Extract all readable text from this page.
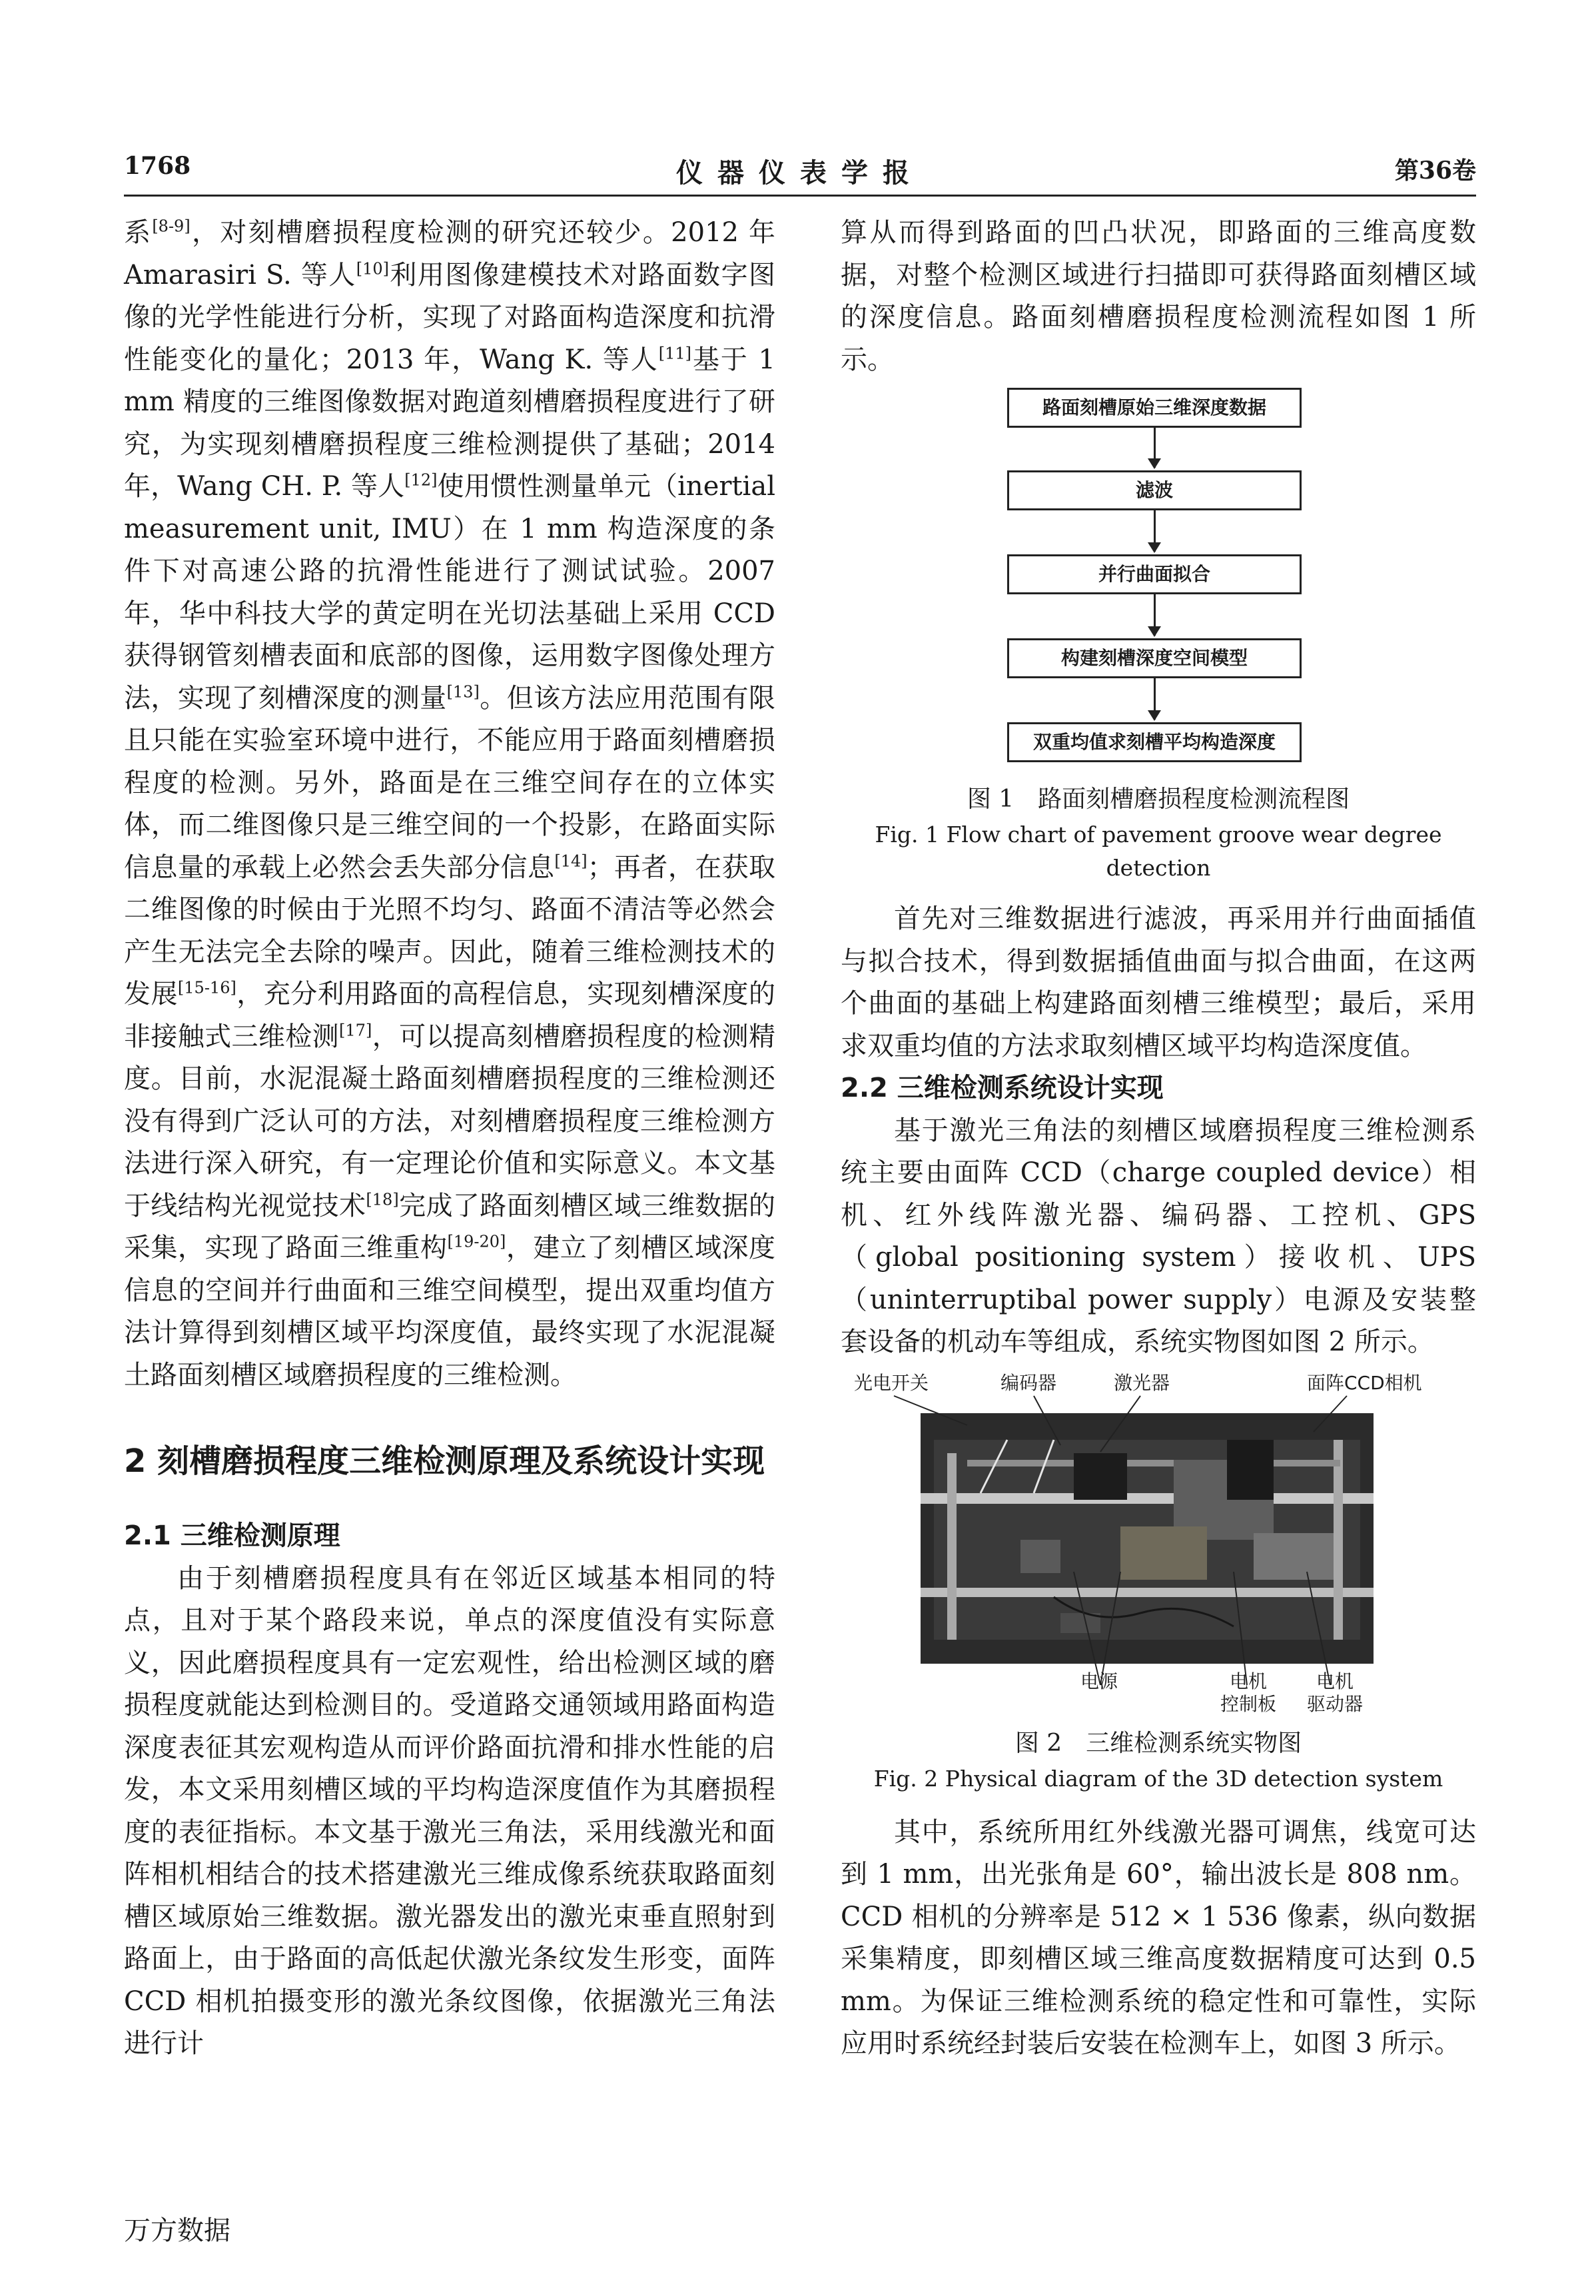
1768	仪器仪表学报	第36卷

系[8-9]，对刻槽磨损程度检测的研究还较少。2012 年 Amarasiri S. 等人[10]利用图像建模技术对路面数字图像的光学性能进行分析，实现了对路面构造深度和抗滑性能变化的量化；2013 年，Wang K. 等人[11]基于 1 mm 精度的三维图像数据对跑道刻槽磨损程度进行了研究，为实现刻槽磨损程度三维检测提供了基础；2014 年，Wang CH. P. 等人[12]使用惯性测量单元（inertial measurement unit, IMU）在 1 mm 构造深度的条件下对高速公路的抗滑性能进行了测试试验。2007 年，华中科技大学的黄定明在光切法基础上采用 CCD 获得钢管刻槽表面和底部的图像，运用数字图像处理方法，实现了刻槽深度的测量[13]。但该方法应用范围有限且只能在实验室环境中进行，不能应用于路面刻槽磨损程度的检测。另外，路面是在三维空间存在的立体实体，而二维图像只是三维空间的一个投影，在路面实际信息量的承载上必然会丢失部分信息[14]；再者，在获取二维图像的时候由于光照不均匀、路面不清洁等必然会产生无法完全去除的噪声。因此，随着三维检测技术的发展[15-16]，充分利用路面的高程信息，实现刻槽深度的非接触式三维检测[17]，可以提高刻槽磨损程度的检测精度。目前，水泥混凝土路面刻槽磨损程度的三维检测还没有得到广泛认可的方法，对刻槽磨损程度三维检测方法进行深入研究，有一定理论价值和实际意义。本文基于线结构光视觉技术[18]完成了路面刻槽区域三维数据的采集，实现了路面三维重构[19-20]，建立了刻槽区域深度信息的空间并行曲面和三维空间模型，提出双重均值方法计算得到刻槽区域平均深度值，最终实现了水泥混凝土路面刻槽区域磨损程度的三维检测。

2 刻槽磨损程度三维检测原理及系统设计实现
2.1 三维检测原理

由于刻槽磨损程度具有在邻近区域基本相同的特点，且对于某个路段来说，单点的深度值没有实际意义，因此磨损程度具有一定宏观性，给出检测区域的磨损程度就能达到检测目的。受道路交通领域用路面构造深度表征其宏观构造从而评价路面抗滑和排水性能的启发，本文采用刻槽区域的平均构造深度值作为其磨损程度的表征指标。本文基于激光三角法，采用线激光和面阵相机相结合的技术搭建激光三维成像系统获取路面刻槽区域原始三维数据。激光器发出的激光束垂直照射到路面上，由于路面的高低起伏激光条纹发生形变，面阵 CCD 相机拍摄变形的激光条纹图像，依据激光三角法进行计

算从而得到路面的凹凸状况，即路面的三维高度数据，对整个检测区域进行扫描即可获得路面刻槽区域的深度信息。路面刻槽磨损程度检测流程如图 1 所示。

路面刻槽原始三维深度数据
滤波
并行曲面拟合
构建刻槽深度空间模型
双重均值求刻槽平均构造深度
图 1　路面刻槽磨损程度检测流程图
Fig. 1 Flow chart of pavement groove wear degree detection

首先对三维数据进行滤波，再采用并行曲面插值与拟合技术，得到数据插值曲面与拟合曲面，在这两个曲面的基础上构建路面刻槽三维模型；最后，采用求双重均值的方法求取刻槽区域平均构造深度值。

2.2 三维检测系统设计实现

基于激光三角法的刻槽区域磨损程度三维检测系统主要由面阵 CCD（charge coupled device）相机、红外线阵激光器、编码器、工控机、GPS（global positioning system）接收机、UPS（uninterruptibal power supply）电源及安装整套设备的机动车等组成，系统实物图如图 2 所示。

光电开关	编码器	激光器	面阵CCD相机
电源	电机
控制板
电机
驱动器
图 2　三维检测系统实物图
Fig. 2 Physical diagram of the 3D detection system

其中，系统所用红外线激光器可调焦，线宽可达到 1 mm，出光张角是 60°，输出波长是 808 nm。CCD 相机的分辨率是 512 × 1 536 像素，纵向数据采集精度，即刻槽区域三维高度数据精度可达到 0.5 mm。为保证三维检测系统的稳定性和可靠性，实际应用时系统经封装后安装在检测车上，如图 3 所示。

万方数据
